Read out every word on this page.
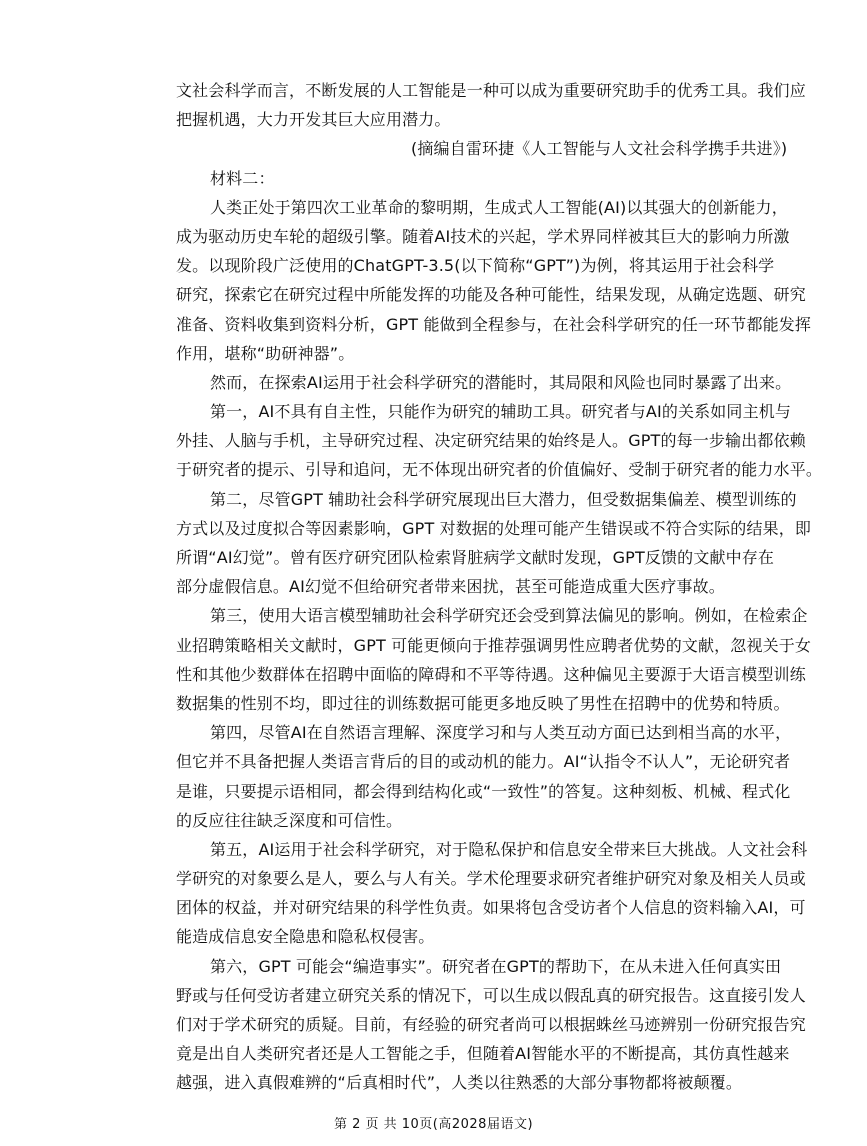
文社会科学而言，不断发展的人工智能是一种可以成为重要研究助手的优秀工具。我们应
把握机遇，大力开发其巨大应用潜力。
(摘编自雷环捷《人工智能与人文社会科学携手共进》)
材料二：
人类正处于第四次工业革命的黎明期，生成式人工智能(AI)以其强大的创新能力，
成为驱动历史车轮的超级引擎。随着AI技术的兴起，学术界同样被其巨大的影响力所激
发。以现阶段广泛使用的ChatGPT-3.5(以下简称“GPT”)为例，将其运用于社会科学
研究，探索它在研究过程中所能发挥的功能及各种可能性，结果发现，从确定选题、研究
准备、资料收集到资料分析，GPT 能做到全程参与，在社会科学研究的任一环节都能发挥
作用，堪称“助研神器”。
然而，在探索AI运用于社会科学研究的潜能时，其局限和风险也同时暴露了出来。
第一，AI不具有自主性，只能作为研究的辅助工具。研究者与AI的关系如同主机与
外挂、人脑与手机，主导研究过程、决定研究结果的始终是人。GPT的每一步输出都依赖
于研究者的提示、引导和追问，无不体现出研究者的价值偏好、受制于研究者的能力水平。
第二，尽管GPT 辅助社会科学研究展现出巨大潜力，但受数据集偏差、模型训练的
方式以及过度拟合等因素影响，GPT 对数据的处理可能产生错误或不符合实际的结果，即
所谓“AI幻觉”。曾有医疗研究团队检索肾脏病学文献时发现，GPT反馈的文献中存在
部分虚假信息。AI幻觉不但给研究者带来困扰，甚至可能造成重大医疗事故。
第三，使用大语言模型辅助社会科学研究还会受到算法偏见的影响。例如，在检索企
业招聘策略相关文献时，GPT 可能更倾向于推荐强调男性应聘者优势的文献，忽视关于女
性和其他少数群体在招聘中面临的障碍和不平等待遇。这种偏见主要源于大语言模型训练
数据集的性别不均，即过往的训练数据可能更多地反映了男性在招聘中的优势和特质。
第四，尽管AI在自然语言理解、深度学习和与人类互动方面已达到相当高的水平，
但它并不具备把握人类语言背后的目的或动机的能力。AI“认指令不认人”，无论研究者
是谁，只要提示语相同，都会得到结构化或“一致性”的答复。这种刻板、机械、程式化
的反应往往缺乏深度和可信性。
第五，AI运用于社会科学研究，对于隐私保护和信息安全带来巨大挑战。人文社会科
学研究的对象要么是人，要么与人有关。学术伦理要求研究者维护研究对象及相关人员或
团体的权益，并对研究结果的科学性负责。如果将包含受访者个人信息的资料输入AI，可
能造成信息安全隐患和隐私权侵害。
第六，GPT 可能会“编造事实”。研究者在GPT的帮助下，在从未进入任何真实田
野或与任何受访者建立研究关系的情况下，可以生成以假乱真的研究报告。这直接引发人
们对于学术研究的质疑。目前，有经验的研究者尚可以根据蛛丝马迹辨别一份研究报告究
竟是出自人类研究者还是人工智能之手，但随着AI智能水平的不断提高，其仿真性越来
越强，进入真假难辨的“后真相时代”，人类以往熟悉的大部分事物都将被颠覆。
第 2 页 共 10页(高2028届语文)
